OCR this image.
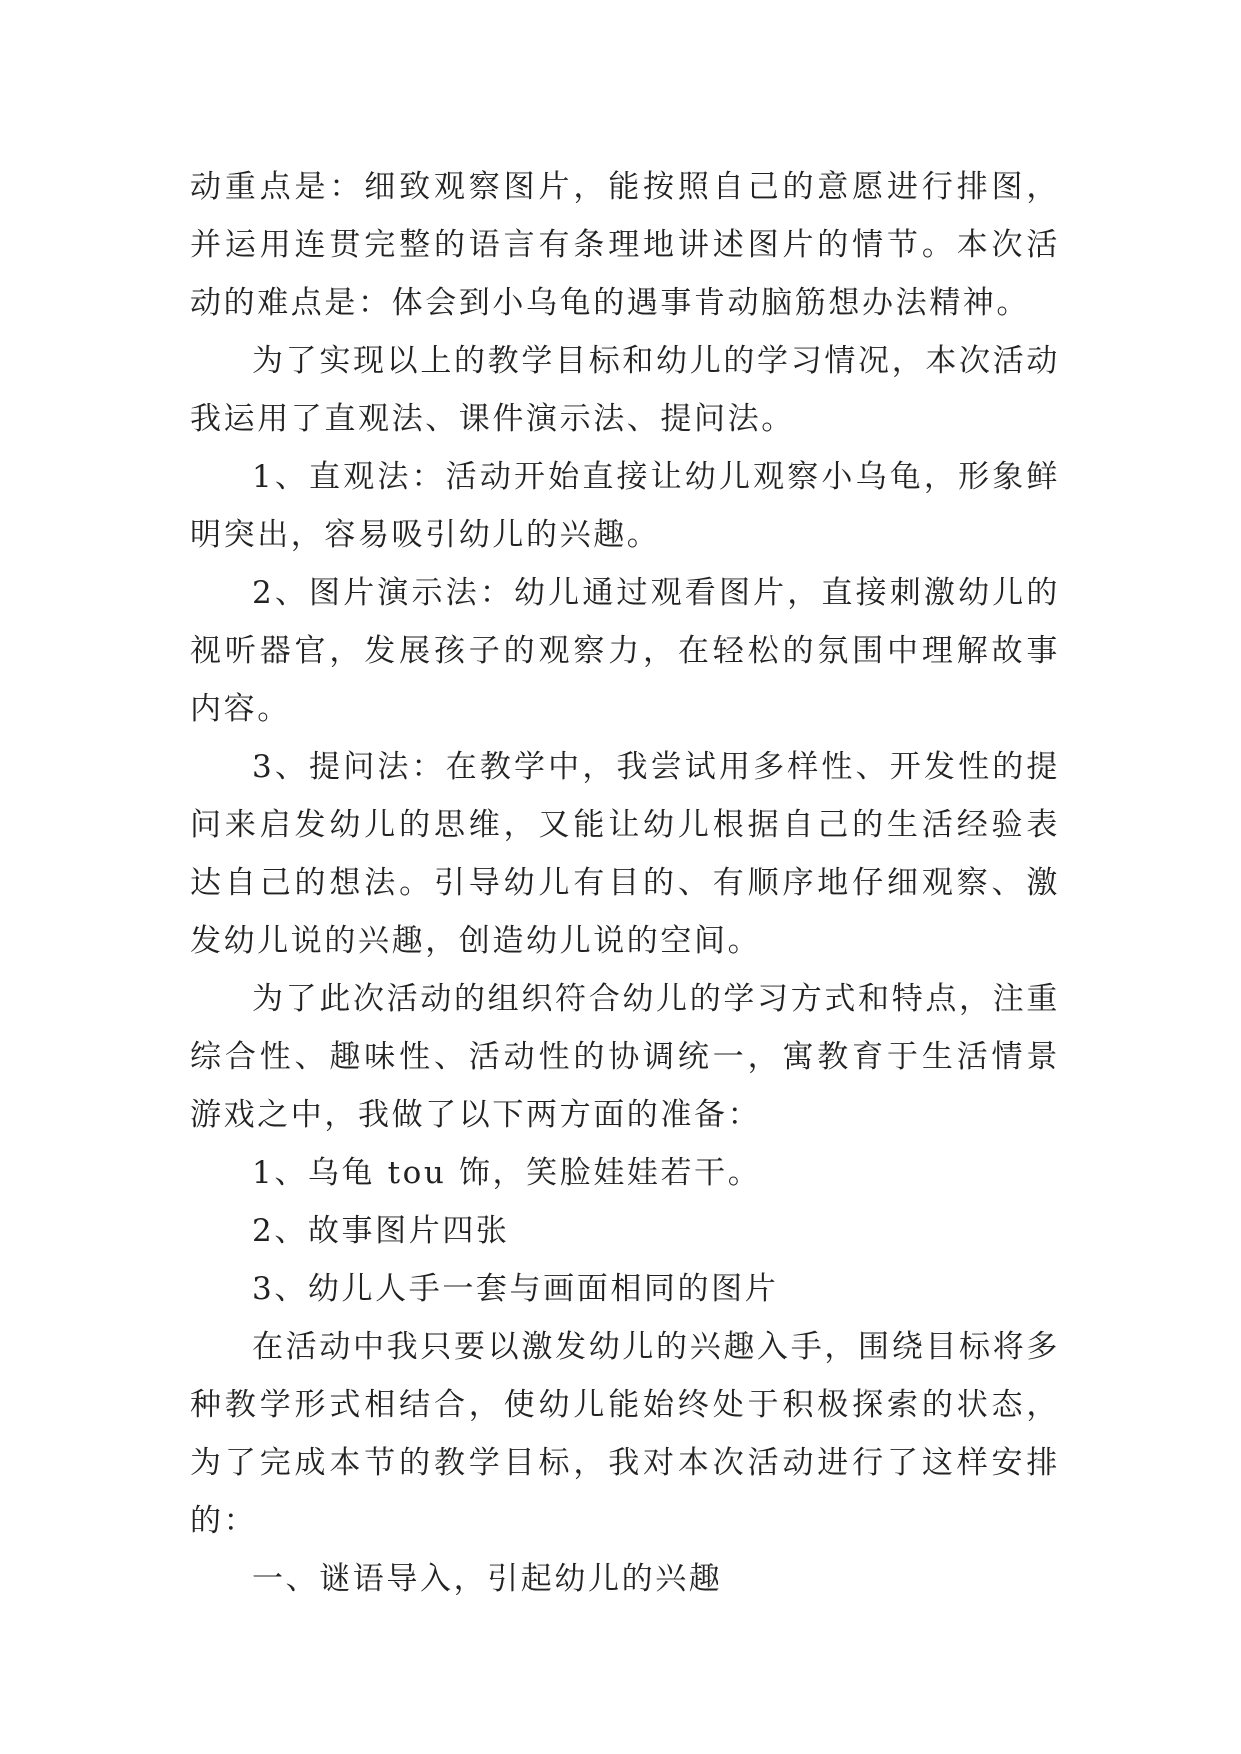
动重点是：细致观察图片，能按照自己的意愿进行排图，并运用连贯完整的语言有条理地讲述图片的情节。本次活动的难点是：体会到小乌龟的遇事肯动脑筋想办法精神。

为了实现以上的教学目标和幼儿的学习情况，本次活动我运用了直观法、课件演示法、提问法。

1、直观法：活动开始直接让幼儿观察小乌龟，形象鲜明突出，容易吸引幼儿的兴趣。

2、图片演示法：幼儿通过观看图片，直接刺激幼儿的视听器官，发展孩子的观察力，在轻松的氛围中理解故事内容。

3、提问法：在教学中，我尝试用多样性、开发性的提问来启发幼儿的思维，又能让幼儿根据自己的生活经验表达自己的想法。引导幼儿有目的、有顺序地仔细观察、激发幼儿说的兴趣，创造幼儿说的空间。

为了此次活动的组织符合幼儿的学习方式和特点，注重综合性、趣味性、活动性的协调统一，寓教育于生活情景游戏之中，我做了以下两方面的准备：

1、乌龟 tou 饰，笑脸娃娃若干。

2、故事图片四张

3、幼儿人手一套与画面相同的图片

在活动中我只要以激发幼儿的兴趣入手，围绕目标将多种教学形式相结合，使幼儿能始终处于积极探索的状态，为了完成本节的教学目标，我对本次活动进行了这样安排的：

一、谜语导入，引起幼儿的兴趣
